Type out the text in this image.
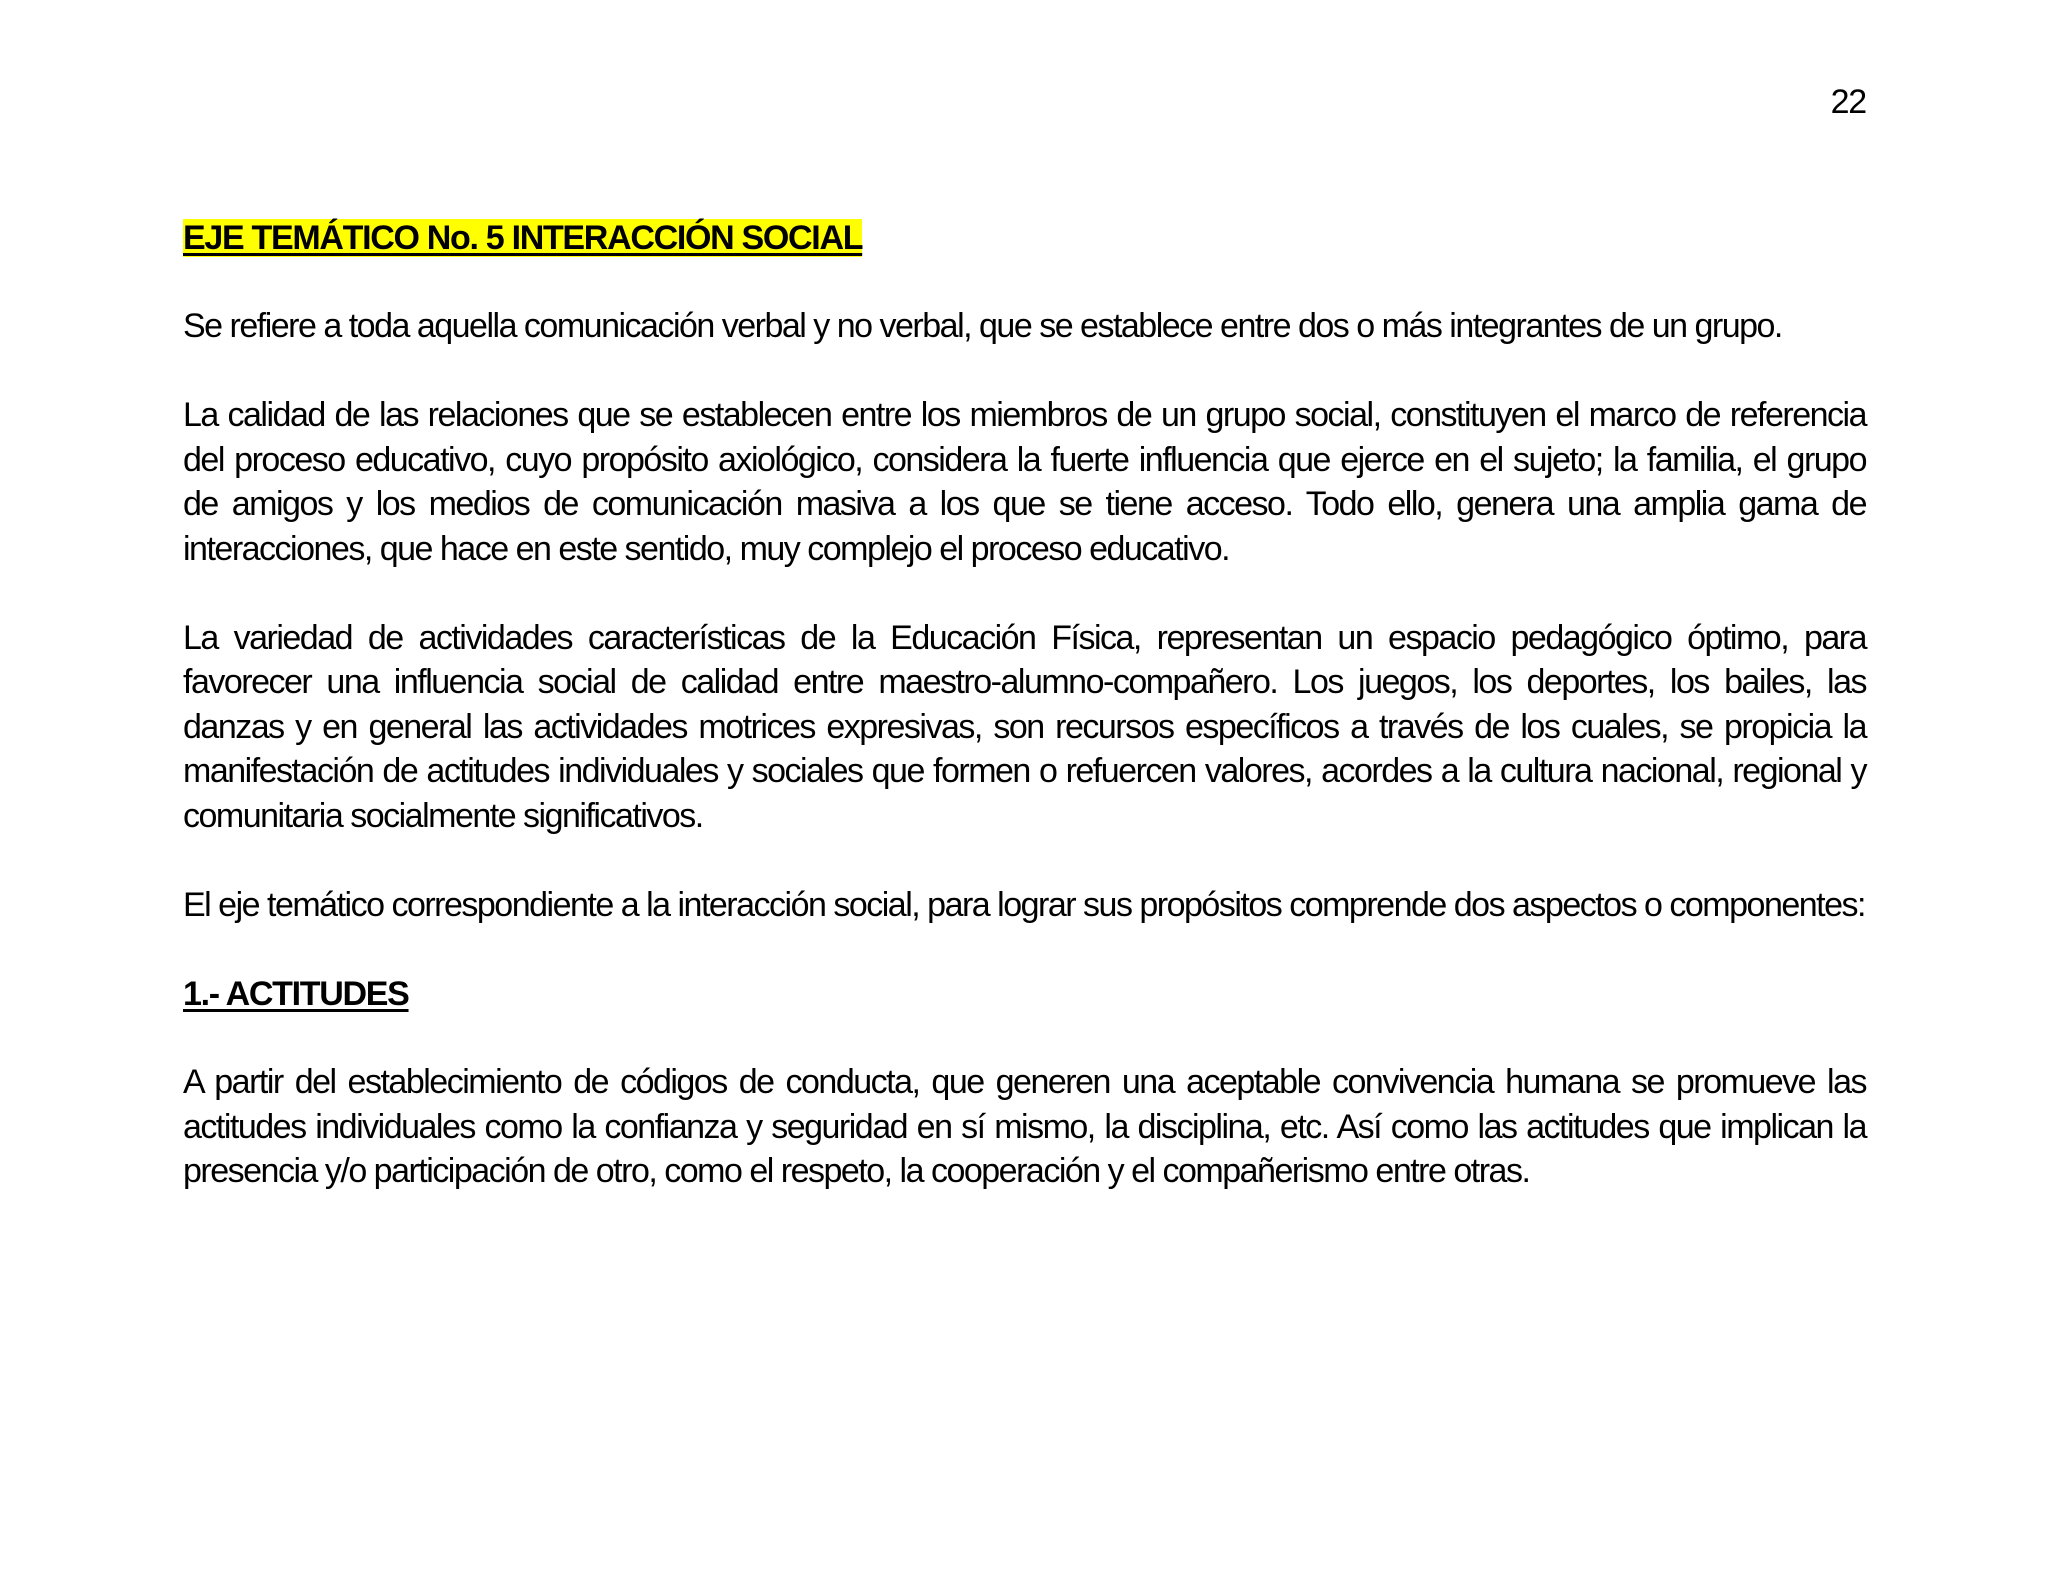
22
EJE TEMÁTICO No. 5 INTERACCIÓN SOCIAL

Se refiere a toda aquella comunicación verbal y no verbal, que se establece entre dos o más integrantes de un grupo.

La calidad de las relaciones que se establecen entre los miembros de un grupo social, constituyen el marco de referencia del proceso educativo, cuyo propósito axiológico, considera la fuerte influencia que ejerce en el sujeto; la familia, el grupo de amigos y los medios de comunicación masiva a los que se tiene acceso. Todo ello, genera una amplia gama de interacciones, que hace en este sentido, muy complejo el proceso educativo.

La variedad de actividades características de la Educación Física, representan un espacio pedagógico óptimo, para favorecer una influencia social de calidad entre maestro-alumno-compañero. Los juegos, los deportes, los bailes, las danzas y en general las actividades motrices expresivas, son recursos específicos a través de los cuales, se propicia la manifestación de actitudes individuales y sociales que formen o refuercen valores, acordes a la cultura nacional, regional y comunitaria socialmente significativos.

El eje temático correspondiente a la interacción social, para lograr sus propósitos comprende dos aspectos o componentes:

1.- ACTITUDES

A partir del establecimiento de códigos de conducta, que generen una aceptable convivencia humana se promueve las actitudes individuales como la confianza y seguridad en sí mismo, la disciplina, etc. Así como las actitudes que implican la presencia y/o participación de otro, como el respeto, la cooperación y el compañerismo entre otras.
